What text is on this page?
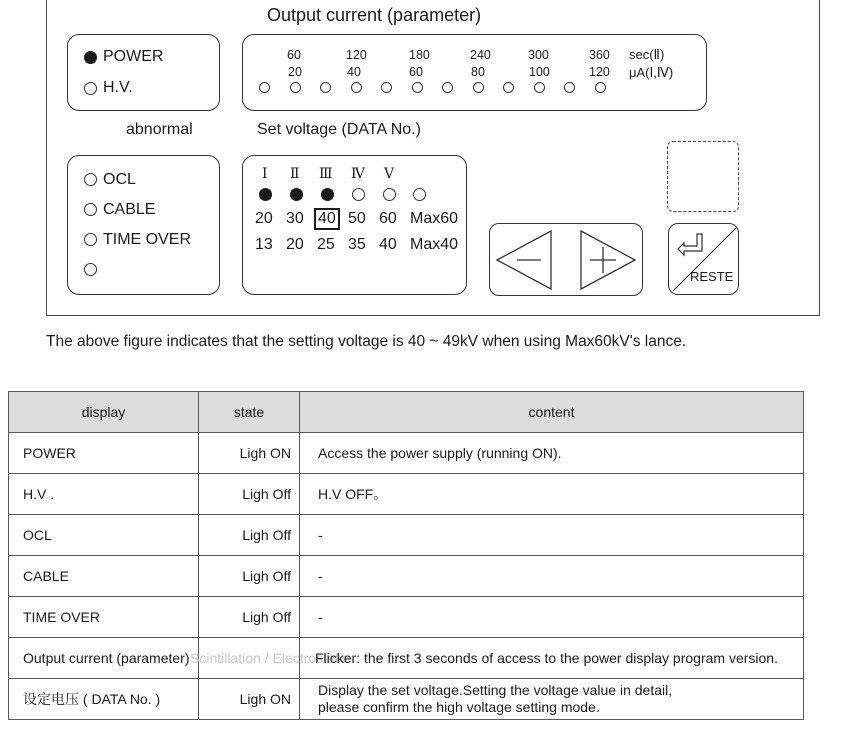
Output current (parameter)
POWER
H.V.
60	120	180	240	300	360
20	40	60	80	100	120
sec(Ⅱ)
μA(Ⅰ,Ⅳ)
abnormal	Set voltage (DATA No.)
OCL
CABLE
TIME OVER
Ⅰ Ⅱ Ⅲ Ⅳ Ⅴ
20 30 40 50 60 Max60
13 20 25 35 40 Max40
RESTE
The above figure indicates that the setting voltage is 40 ~ 49kV when using Max60kV's lance.
display	state	content
POWER	Ligh ON	Access the power supply (running ON).
H.V .	Ligh Off	H.V OFF。
OCL	Ligh Off	-
CABLE	Ligh Off	-
TIME OVER	Ligh Off	-

Output current (parameter)	Scintillation / Electrostatic	Flicker: the first 3 seconds of access to the power display program version.

设定电压 ( DATA No. )	Ligh ON	Display the set voltage.Setting the voltage value in detail,
please confirm the high voltage setting mode.
